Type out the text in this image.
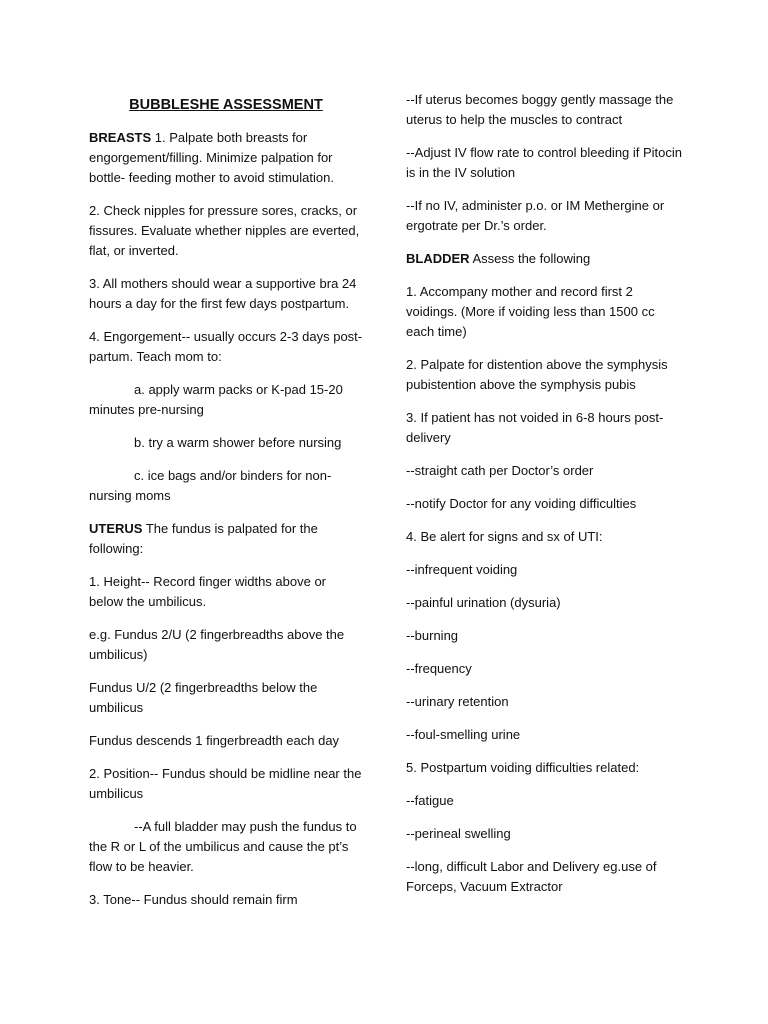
BUBBLESHE ASSESSMENT

BREASTS 1. Palpate both breasts for engorgement/filling. Minimize palpation for bottle- feeding mother to avoid stimulation.

2. Check nipples for pressure sores, cracks, or fissures. Evaluate whether nipples are everted, flat, or inverted.

3. All mothers should wear a supportive bra 24 hours a day for the first few days postpartum.

4. Engorgement-- usually occurs 2-3 days post-partum. Teach mom to:

a. apply warm packs or K-pad 15-20 minutes pre-nursing

b. try a warm shower before nursing

c. ice bags and/or binders for non-nursing moms

UTERUS The fundus is palpated for the following:

1. Height-- Record finger widths above or below the umbilicus.

e.g. Fundus 2/U (2 fingerbreadths above the umbilicus)

Fundus U/2 (2 fingerbreadths below the umbilicus

Fundus descends 1 fingerbreadth each day

2. Position-- Fundus should be midline near the umbilicus

--A full bladder may push the fundus to the R or L of the umbilicus and cause the pt’s flow to be heavier.

3. Tone-- Fundus should remain firm

--If uterus becomes boggy gently massage the uterus to help the muscles to contract

--Adjust IV flow rate to control bleeding if Pitocin is in the IV solution

--If no IV, administer p.o. or IM Methergine or ergotrate per Dr.’s order.

BLADDER Assess the following

1. Accompany mother and record first 2 voidings. (More if voiding less than 1500 cc each time)

2. Palpate for distention above the symphysis pubistention above the symphysis pubis

3. If patient has not voided in 6-8 hours post-delivery

--straight cath per Doctor’s order

--notify Doctor for any voiding difficulties

4. Be alert for signs and sx of UTI:

--infrequent voiding

--painful urination (dysuria)

--burning

--frequency

--urinary retention

--foul-smelling urine

5. Postpartum voiding difficulties related:

--fatigue

--perineal swelling

--long, difficult Labor and Delivery eg.use of Forceps, Vacuum Extractor
